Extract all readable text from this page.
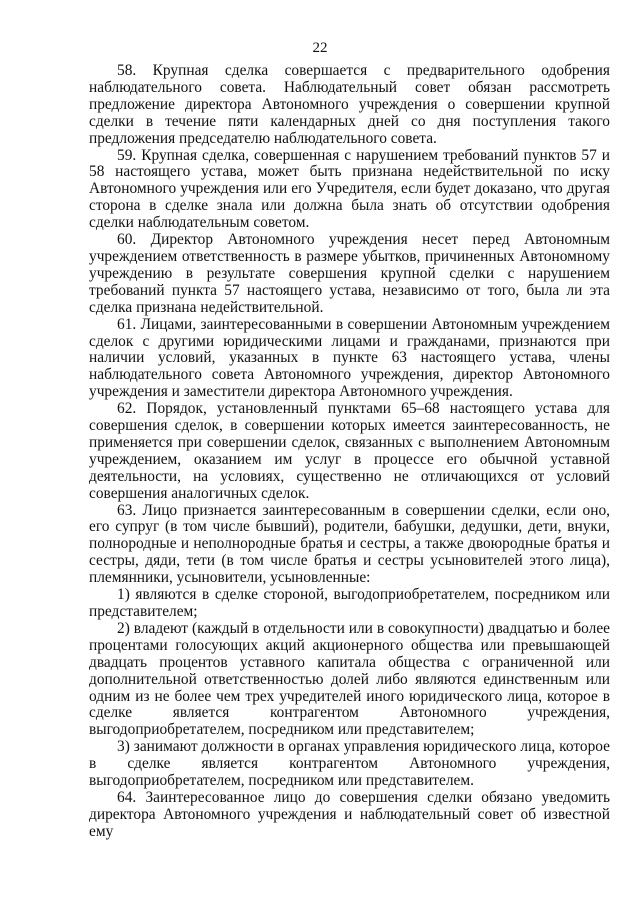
22

58. Крупная сделка совершается с предварительного одобрения наблюдательного совета. Наблюдательный совет обязан рассмотреть предложение директора Автономного учреждения о совершении крупной сделки в течение пяти календарных дней со дня поступления такого предложения председателю наблюдательного совета.

59. Крупная сделка, совершенная с нарушением требований пунктов 57 и 58 настоящего устава, может быть признана недействительной по иску Автономного учреждения или его Учредителя, если будет доказано, что другая сторона в сделке знала или должна была знать об отсутствии одобрения сделки наблюдательным советом.

60. Директор Автономного учреждения несет перед Автономным учреждением ответственность в размере убытков, причиненных Автономному учреждению в результате совершения крупной сделки с нарушением требований пункта 57 настоящего устава, независимо от того, была ли эта сделка признана недействительной.

61. Лицами, заинтересованными в совершении Автономным учреждением сделок с другими юридическими лицами и гражданами, признаются при наличии условий, указанных в пункте 63 настоящего устава, члены наблюдательного совета Автономного учреждения, директор Автономного учреждения и заместители директора Автономного учреждения.

62. Порядок, установленный пунктами 65–68 настоящего устава для совершения сделок, в совершении которых имеется заинтересованность, не применяется при совершении сделок, связанных с выполнением Автономным учреждением, оказанием им услуг в процессе его обычной уставной деятельности, на условиях, существенно не отличающихся от условий совершения аналогичных сделок.

63. Лицо признается заинтересованным в совершении сделки, если оно, его супруг (в том числе бывший), родители, бабушки, дедушки, дети, внуки, полнородные и неполнородные братья и сестры, а также двоюродные братья и сестры, дяди, тети (в том числе братья и сестры усыновителей этого лица), племянники, усыновители, усыновленные:

1) являются в сделке стороной, выгодоприобретателем, посредником или представителем;

2) владеют (каждый в отдельности или в совокупности) двадцатью и более процентами голосующих акций акционерного общества или превышающей двадцать процентов уставного капитала общества с ограниченной или дополнительной ответственностью долей либо являются единственным или одним из не более чем трех учредителей иного юридического лица, которое в сделке является контрагентом Автономного учреждения, выгодоприобретателем, посредником или представителем;

3) занимают должности в органах управления юридического лица, которое в сделке является контрагентом Автономного учреждения, выгодоприобретателем, посредником или представителем.

64. Заинтересованное лицо до совершения сделки обязано уведомить директора Автономного учреждения и наблюдательный совет об известной ему
